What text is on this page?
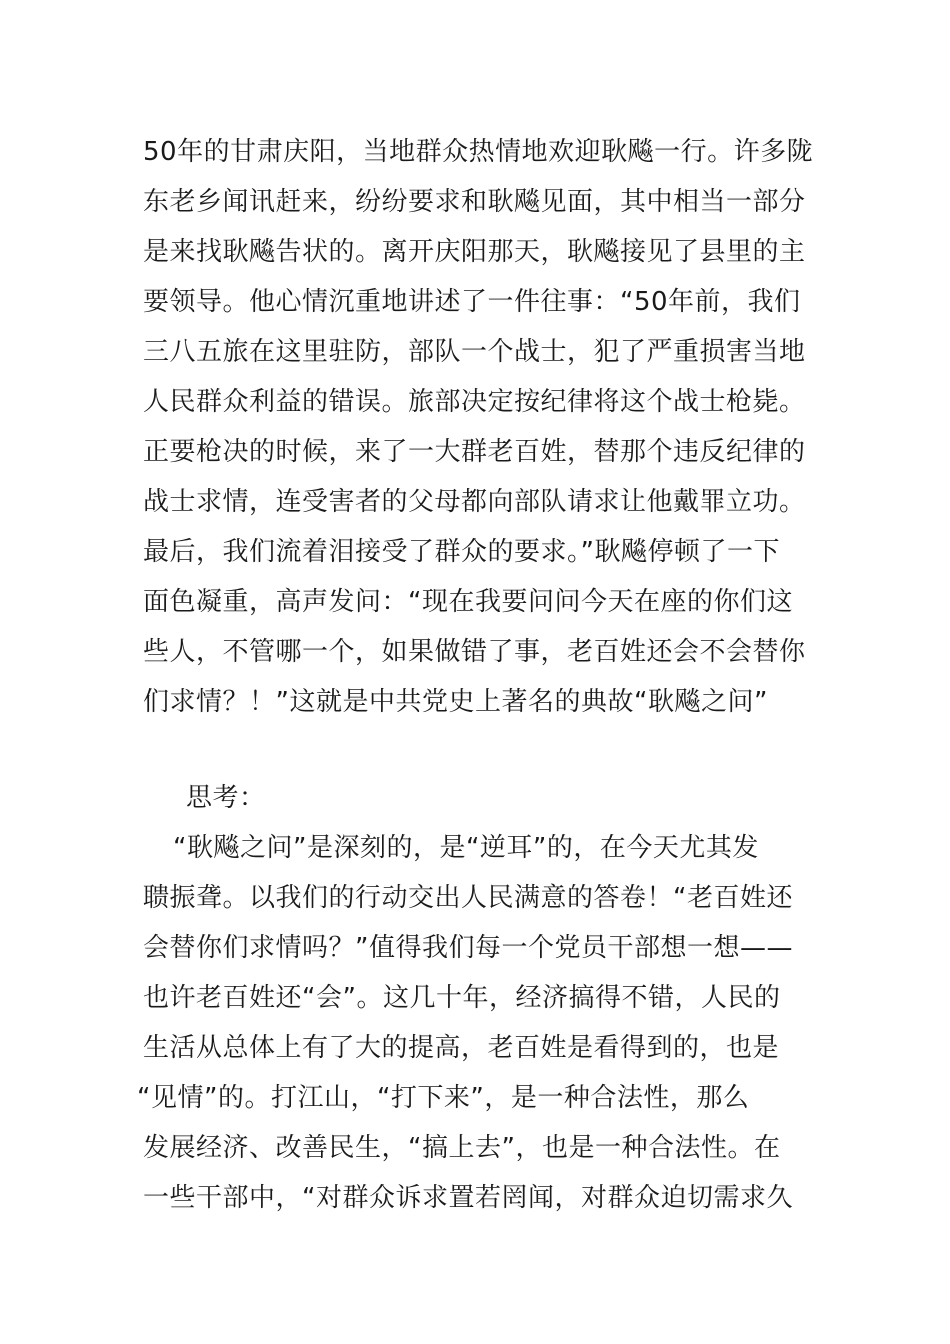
50年的甘肃庆阳，当地群众热情地欢迎耿飚一行。许多陇
东老乡闻讯赶来，纷纷要求和耿飚见面，其中相当一部分
是来找耿飚告状的。离开庆阳那天，耿飚接见了县里的主
要领导。他心情沉重地讲述了一件往事：“50年前，我们
三八五旅在这里驻防，部队一个战士，犯了严重损害当地
人民群众利益的错误。旅部决定按纪律将这个战士枪毙。
正要枪决的时候，来了一大群老百姓，替那个违反纪律的
战士求情，连受害者的父母都向部队请求让他戴罪立功。
最后，我们流着泪接受了群众的要求。”耿飚停顿了一下
面色凝重，高声发问：“现在我要问问今天在座的你们这
些人，不管哪一个，如果做错了事，老百姓还会不会替你
们求情？！”这就是中共党史上著名的典故“耿飚之问”
思考：
“耿飚之问”是深刻的，是“逆耳”的，在今天尤其发
聩振聋。以我们的行动交出人民满意的答卷！“老百姓还
会替你们求情吗？”值得我们每一个党员干部想一想——
也许老百姓还“会”。这几十年，经济搞得不错，人民的
生活从总体上有了大的提高，老百姓是看得到的，也是
“见情”的。打江山，“打下来”，是一种合法性，那么
发展经济、改善民生，“搞上去”，也是一种合法性。在
一些干部中，“对群众诉求置若罔闻，对群众迫切需求久
